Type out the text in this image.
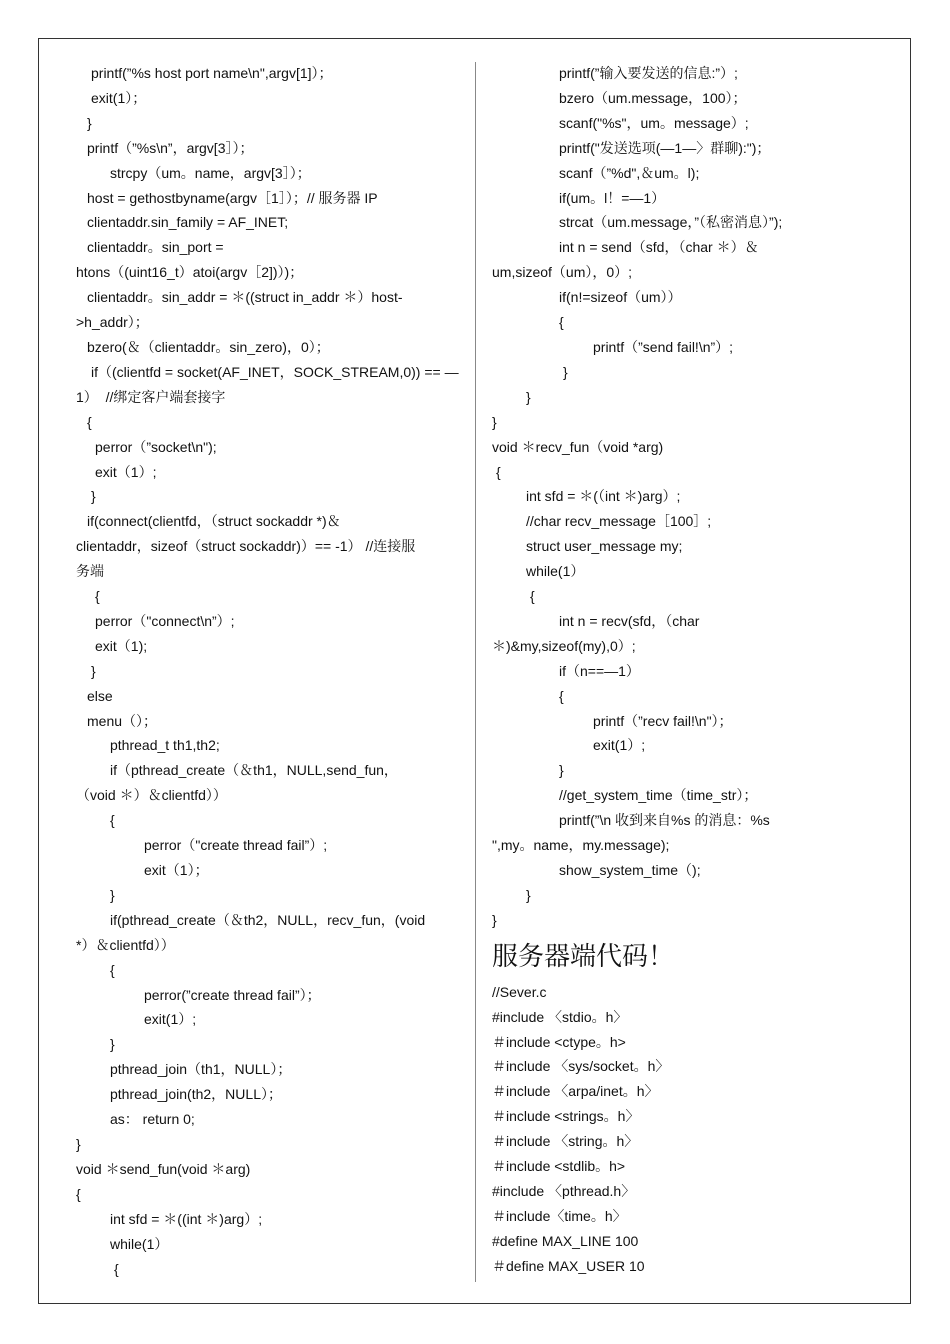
printf(”%s host port name\n",argv[1]）；
exit(1）；
}
printf（”%s\n”，argv[3］）；
strcpy（um。name，argv[3］）；
host = gethostbyname(argv［1］）；// 服务器 IP
clientaddr.sin_family = AF_INET;
clientaddr。sin_port =
htons（(uint16_t）atoi(argv［2])）)；
clientaddr。sin_addr = ＊((struct in_addr ＊）host-
>h_addr）；
bzero(＆（clientaddr。sin_zero)，0）；
if（(clientfd = socket(AF_INET，SOCK_STREAM,0)) == —
1）  //绑定客户端套接字
{
perror（”socket\n");
exit（1）;
}
if(connect(clientfd，（struct sockaddr *)＆
clientaddr，sizeof（struct sockaddr)）== -1） //连接服
务端
{
perror（"connect\n”）;
exit（1);
}
else
menu（）；
pthread_t th1,th2;
if（pthread_create（＆th1，NULL,send_fun，
（void ＊）＆clientfd））
{
perror（"create thread fail”）;
exit（1）；
}
if(pthread_create（＆th2，NULL，recv_fun，(void
*）＆clientfd））
{
perror(”create thread fail”）；
exit(1）;
}
pthread_join（th1，NULL）；
pthread_join(th2，NULL）；
as： return 0;
}
void ＊send_fun(void ＊arg)
{
int sfd = ＊((int ＊)arg）;
while(1）
{
printf(”输入要发送的信息:”）;
bzero（um.message，100）；
scanf("%s"，um。message）;
printf("发送选项(—1—〉群聊):")；
scanf（”%d",＆um。l);
if(um。l！=—1）
strcat（um.message，”（私密消息）”);
int n = send（sfd，（char ＊）＆
um,sizeof（um），0）;
if(n!=sizeof（um））
{
printf（”send fail!\n”）;
}
}
}
void ＊recv_fun（void *arg)
{
int sfd = ＊(（int ＊)arg）;
//char recv_message［100］;
struct user_message my;
while(1）
{
int n = recv(sfd，（char
＊)&my,sizeof(my),0）;
if（n==—1）
{
printf（”recv fail!\n"）；
exit(1）;
}
//get_system_time（time_str）；
printf(”\n 收到来自%s 的消息：%s
",my。name，my.message);
show_system_time（);
}
}
服务器端代码！
//Sever.c
#include 〈stdio。h〉
＃include <ctype。h>
＃include 〈sys/socket。h〉
＃include 〈arpa/inet。h〉
＃include <strings。h〉
＃include 〈string。h〉
＃include <stdlib。h>
#include 〈pthread.h〉
＃include〈time。h〉
#define MAX_LINE 100
＃define MAX_USER 10
